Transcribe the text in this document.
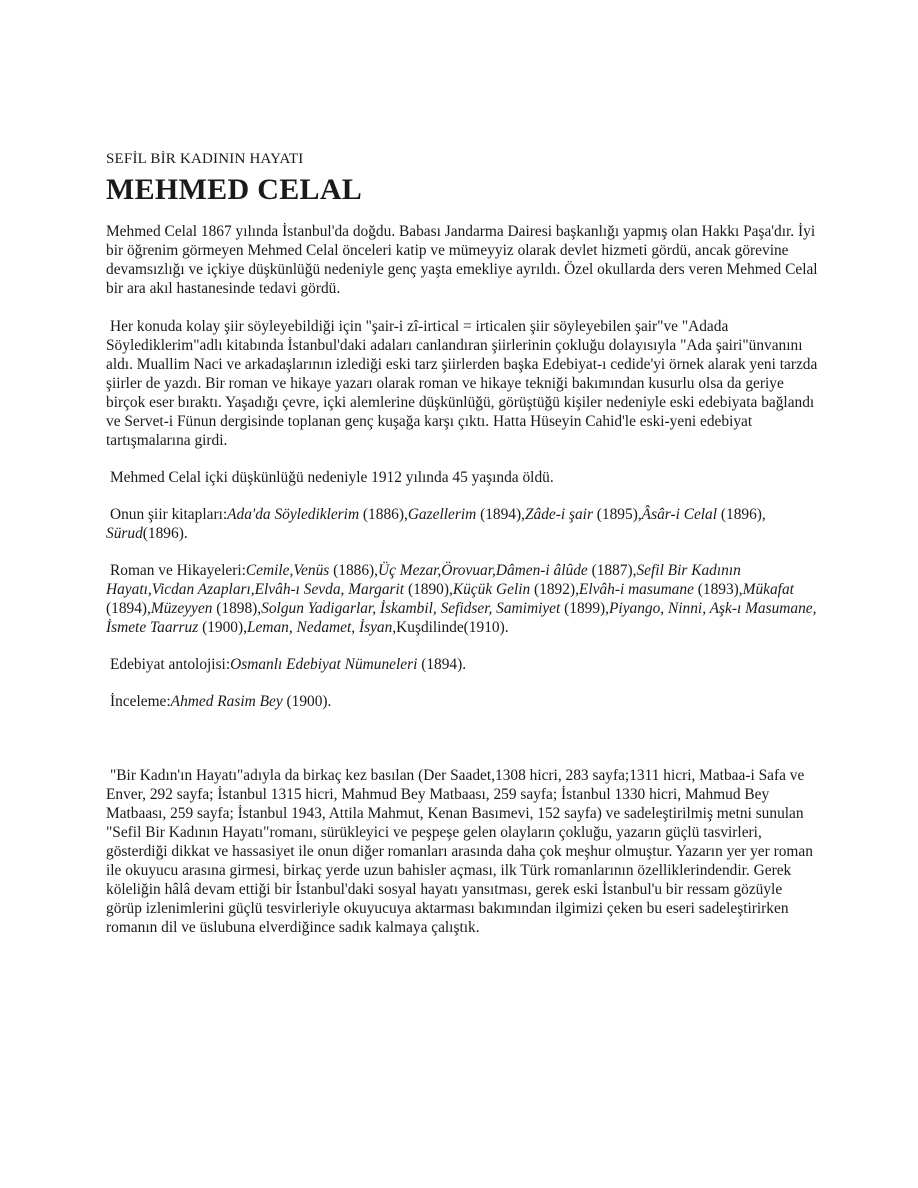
SEFİL BİR KADININ HAYATI
MEHMED CELAL

Mehmed Celal 1867 yılında İstanbul'da doğdu. Babası Jandarma Dairesi başkanlığı yapmış olan Hakkı Paşa'dır. İyi bir öğrenim görmeyen Mehmed Celal önceleri katip ve mümeyyiz olarak devlet hizmeti gördü, ancak görevine devamsızlığı ve içkiye düşkünlüğü nedeniyle genç yaşta emekliye ayrıldı. Özel okullarda ders veren Mehmed Celal bir ara akıl hastanesinde tedavi gördü.

Her konuda kolay şiir söyleyebildiği için "şair-i zî-irtical = irticalen şiir söyleyebilen şair"ve "Adada Söylediklerim"adlı kitabında İstanbul'daki adaları canlandıran şiirlerinin çokluğu dolayısıyla "Ada şairi"ünvanını aldı. Muallim Naci ve arkadaşlarının izlediği eski tarz şiirlerden başka Edebiyat-ı cedide'yi örnek alarak yeni tarzda şiirler de yazdı. Bir roman ve hikaye yazarı olarak roman ve hikaye tekniği bakımından kusurlu olsa da geriye birçok eser bıraktı. Yaşadığı çevre, içki alemlerine düşkünlüğü, görüştüğü kişiler nedeniyle eski edebiyata bağlandı ve Servet-i Fünun dergisinde toplanan genç kuşağa karşı çıktı. Hatta Hüseyin Cahid'le eski-yeni edebiyat tartışmalarına girdi.

Mehmed Celal içki düşkünlüğü nedeniyle 1912 yılında 45 yaşında öldü.

Onun şiir kitapları:Ada'da Söylediklerim (1886),Gazellerim (1894),Zâde-i şair (1895),Âsâr-i Celal (1896), Sürud(1896).

Roman ve Hikayeleri:Cemile,Venüs (1886),Üç Mezar,Örovuar,Dâmen-i âlûde (1887),Sefil Bir Kadının Hayatı,Vicdan Azapları,Elvâh-ı Sevda, Margarit (1890),Küçük Gelin (1892),Elvâh-i masumane (1893),Mükafat (1894),Müzeyyen (1898),Solgun Yadigarlar, İskambil, Sefidser, Samimiyet (1899),Piyango, Ninni, Aşk-ı Masumane, İsmete Taarruz (1900),Leman, Nedamet, İsyan,Kuşdilinde(1910).

Edebiyat antolojisi:Osmanlı Edebiyat Nümuneleri (1894).

İnceleme:Ahmed Rasim Bey (1900).

"Bir Kadın'ın Hayatı"adıyla da birkaç kez basılan (Der Saadet,1308 hicri, 283 sayfa;1311 hicri, Matbaa-i Safa ve Enver, 292 sayfa; İstanbul 1315 hicri, Mahmud Bey Matbaası, 259 sayfa; İstanbul 1330 hicri, Mahmud Bey Matbaası, 259 sayfa; İstanbul 1943, Attila Mahmut, Kenan Basımevi, 152 sayfa) ve sadeleştirilmiş metni sunulan "Sefil Bir Kadının Hayatı"romanı, sürükleyici ve peşpeşe gelen olayların çokluğu, yazarın güçlü tasvirleri, gösterdiği dikkat ve hassasiyet ile onun diğer romanları arasında daha çok meşhur olmuştur. Yazarın yer yer roman ile okuyucu arasına girmesi, birkaç yerde uzun bahisler açması, ilk Türk romanlarının özelliklerindendir. Gerek köleliğin hâlâ devam ettiği bir İstanbul'daki sosyal hayatı yansıtması, gerek eski İstanbul'u bir ressam gözüyle görüp izlenimlerini güçlü tesvirleriyle okuyucuya aktarması bakımından ilgimizi çeken bu eseri sadeleştirirken romanın dil ve üslubuna elverdiğince sadık kalmaya çalıştık.
